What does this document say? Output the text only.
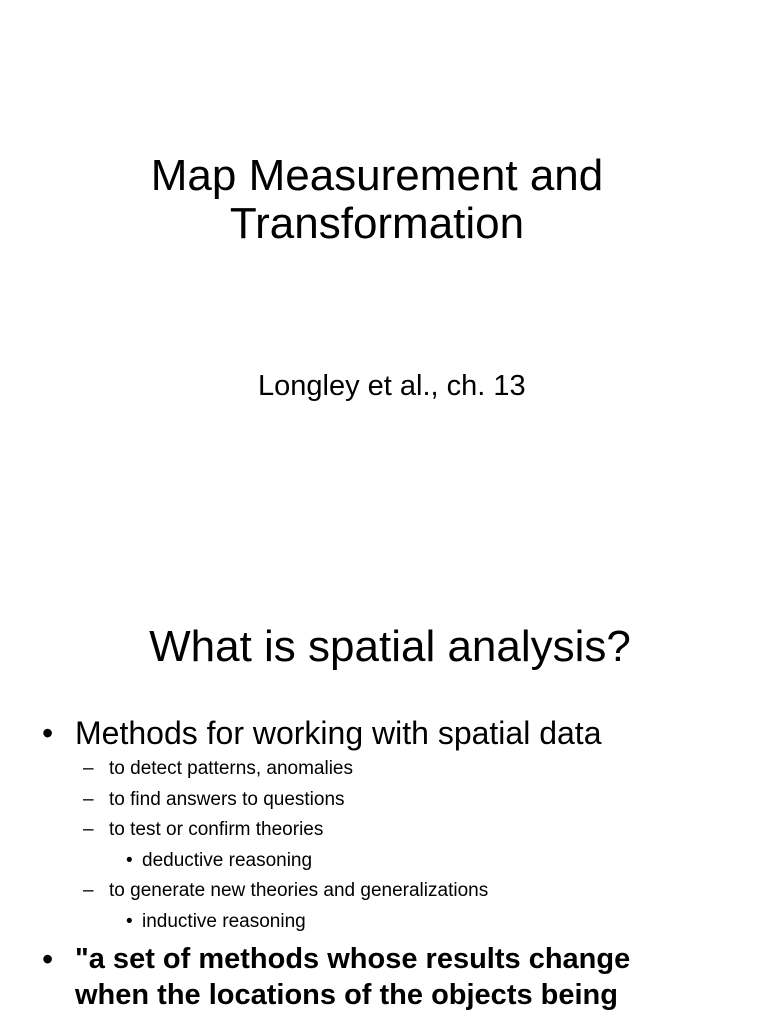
Map Measurement and
Transformation
Longley et al., ch. 13
What is spatial analysis?
• Methods for working with spatial data
– to detect patterns, anomalies
– to find answers to questions
– to test or confirm theories
• deductive reasoning
– to generate new theories and generalizations
• inductive reasoning
• "a set of methods whose results change
when the locations of the objects being
